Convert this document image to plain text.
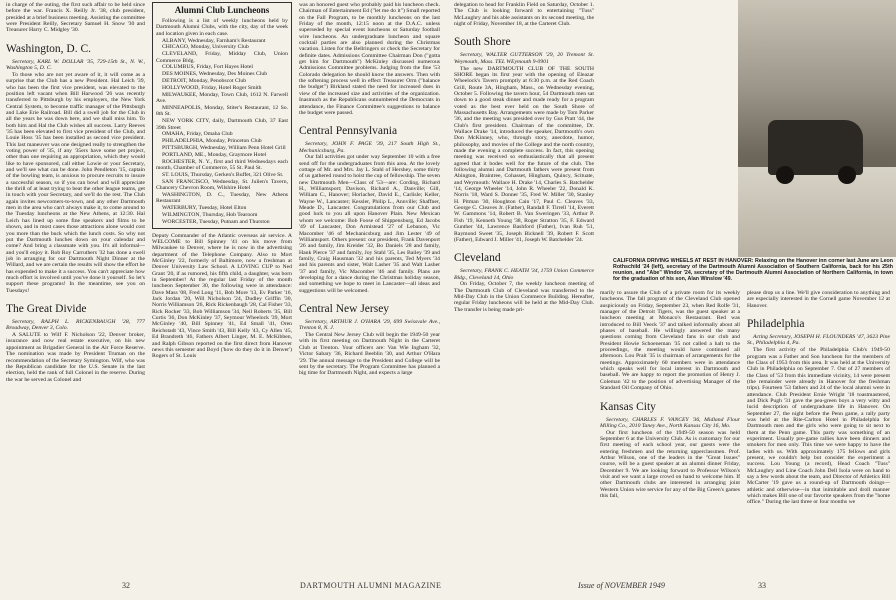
in charge of the outing, the first such affair to be held since before the war. Francis X. Reilly Jr. '38, club president, presided at a brief business meeting. Assisting the committee were President Reilly, Secretary Samuel H. Snow '30 and Treasurer Harry C. Midgley '30.

Washington, D. C.

Secretary, KARL W. DOLLAR '35, 729-15th St., N. W., Washington 5, D. C.

To those who are not yet aware of it, it will come as a surprise that the Club has a new President. Hal Leich '39, who has been the first vice president, was elevated to the position left vacant when Bill Harwood '26 was recently transferred to Pittsburgh by his employers, the New York Central System, to become traffic manager of the Pittsburgh and Lake Erie Railroad. Bill did a swell job for the Club in all the years he was down here, and we shall miss him. To both him and Hal the Club wishes all success. Larry Reeves '35 has been elevated to first vice president of the Club, and Louie Hoss '35 has been installed as second vice president. This last maneuver was one designed really to strengthen the voting power of '35, if any '35ers have some pet project, other than one requiring an appropriation, which they would like to have sponsored, call either Lowie or your Secretary, and we'll see what can be done. John Pendleton '15, captain of the bowling team, is anxious to procure recruits to insure a successful season, so if you can bowl and will appreciate the thrill of at least trying to beat the other league teams, get in touch with your Secretary, and we'll do the rest. The Club again invites newcomers-to-town, and any other Dartmouth men in the area who can't always make it, to come around to the Tuesday luncheons at the New Athens, at 12:30. Hal Leich has lined up some fine speakers and films to be shown, and in most cases those attractions alone would cost you more than the buck which the lunch costs. So why not put the Dartmouth lunches down on your calendar and come? And bring a classmate with you. It's all informal—and you'll enjoy it. Rob Roy Carruthers '32 has done a swell job in arranging for our Dartmouth Night Dinner at the Willard, and we are certain the results will show the effort he has expended to make it a success. You can't appreciate how much effort is involved until you've done it yourself. So let's support these programs! In the meantime, see you on Tuesdays!

The Great Divide

Secretary, RALPH L. RICKENBAUGH '28, 777 Broadway, Denver 3, Colo.

A SALUTE to Wilf F. Nicholson '22, Denver broker, insurance and now real estate executive, on his new appointment as Brigadier General in the Air Force Reserve. The nomination was made by President Truman on the recommendation of the Secretary Symington. Wilf, who was the Republican candidate for the U.S. Senate in the last election, held the rank of full Colonel in the reserve. During the war he served as Colonel and

Alumni Club Luncheons

Following is a list of weekly luncheons held by Dartmouth Alumni Clubs, with the city, day of the week and location given in each case.

ALBANY, Wednesday, Farnham's Restaurant

CHICAGO, Monday, University Club

CLEVELAND, Friday, Midday Club, Union Commerce Bldg.

COLUMBUS, Friday, Fort Hayes Hotel

DES MOINES, Wednesday, Des Moines Club

DETROIT, Monday, Penobscot Club

HOLLYWOOD, Friday, Hotel Roger Smith

MILWAUKEE, Monday, Town Club, 1612 N. Farwell Ave.

MINNEAPOLIS, Monday, Stiter's Restaurant, 12 So. 8th St.

NEW YORK CITY, daily, Dartmouth Club, 37 East 39th Street

OMAHA, Friday, Omaha Club

PHILADELPHIA, Monday, Princeton Club

PITTSBURGH, Wednesday, William Penn Hotel Grill

PORTLAND, ME., Monday, Graymore Hotel

ROCHESTER, N. Y., first and third Wednesdays each month, Chamber of Commerce, 55 St. Paul St.

ST. LOUIS, Thursday, Gerken's Buffet, 321 Olive St.

SAN FRANCISCO, Wednesday, St. Julien's Tavern, Chancery Chevron Room, Wilshire Hotel

WASHINGTON, D. C., Tuesday, New Athens Restaurant

WATERBURY, Tuesday, Hotel Elton

WILMINGTON, Thursday, Hob Tearoom

WORCESTER, Tuesday, Putnam and Thurston

Deputy Commander of the Atlantic overseas air service. A WELCOME to Bill Spinney '41 on his move from Milwaukee to Denver, where he is now in the advertising department of the Telephone Company. Also to Mort McGinley '22, formerly of Baltimore, now a freshman at Denver University Law School. A LOVING CUP to Ned Grant '20, if as rumored, his fifth child, a daughter, was born in September! At the regular last Friday of the month luncheon September 30, the following were in attendance: Dave Mass '08, Fred Long '11, Bob More '13, Ev Parker '16, Jack Jordan '20, Will Nicholson '24, Dudley Griffin '30, Norris Williamson '26, Rick Rickenbaugh '28, Cal Fisher '33, Rick Rocker '33, Bob Williamson '34, Neil Roberts '35, Bill Curtis '36, Don McKinley '37, Seymour Wheelock '39, Mort McGinley '40, Bill Spinney '41, Ed Small '41, Oren Reichstadt '43, Vince Smith '43, Bill Kelly '43, Cy Allen '45, Ed Brandreth '46, Fathers Albert Linger, M. E. McKibben, and Ralph Gibson reported on the first direct from Hanover news this semester and Boyd ('how do they do it in Denver') Rogers of St. Louis

was an honored guest who probably paid his luncheon check. Chairman of Entertainment Ed ("let me do it") Small reported on the Fall Program, to be monthly luncheons on the last Friday of the month, 12:15 noon at the D.A.C. unless superseded by special event luncheons or Saturday football wire luncheons. An undergraduate luncheon and square cocktail parties are also planned during the Christmas vacation. Listen for the Bellringers or check the Secretary for definite dates. Admissions Committee Chairman Don ("gotta get him for Dartmouth") McKinley discussed numerous Admissions Committee problems. Judging from the fine '53 Colorado delegation he should know the answers. Then with the softening process well in effect Treasurer Orm ("balance the budget") Birkland stated the need for increased dues in view of the increased size and activities of the organization. Inasmuch as the Republicans outnumbered the Democrats in attendance, the Finance Committee's suggestions to balance the budget were passed.

Central Pennsylvania

Secretary, JOHN F. PAGE '39, 217 South High St., Mechanicsburg, Pa.

Our fall activities got under way September 10 with a free send off for the undergraduates from this area. At the lovely cottage of Mr. and Mrs. Jay L. Stahl of Hershey, some thirty of us gathered round to hoist the cup of fellowship. The seven new Dartmouth Men—Class of '53—are: Cording, Richard H., Williamsport; Davison, Richard A., Danville; Gill, William C., Hanover; Horlacher, David E., Carlisle; Keller, Wayne W., Lancaster; Kessler, Philip L., Annville; Shaffner, Meade D., Lancaster. Congratulations from our Club and good luck to you all upon Hanover Plain. New Mexican whom we welcome: Bob Foose of Shippensburg, Ed Jacobs '49 of Lancaster, Don Armistead '27 of Lebanon, Vic Macomber '46 of Mechanicsburg and Jim Lester '49 of Williamsport. Others present: our president, Frank Davenport '26 and family, Jim Kreider '32, Bo Daniels '28 and family, Hank Pierce '37 and family, Joy Stahl '35, Les Bailey '39 and family, Craig Hausman '32 and his parents, Ted Myers '34 and his parents and sister, Walt Lasher '35 and Walt Lasher '37 and family, Vic Macomber '46 and family. Plans are developing for a dance during the Christmas holiday season, and something we hope to meet in Lancaster—all ideas and suggestions will be welcomed.

Central New Jersey

Secretary, ARTHUR J. O'HARA '29, 699 Swissvale Ave., Trenton 8, N. J.

The Central New Jersey Club will begin the 1949-50 year with its first meeting on Dartmouth Night in the Carteret Club at Trenton. Your officers are: Van Wie Ingham '32, Victor Sabary '36, Richard Beeblin '30, and Arthur O'Hara '29. The annual message to the President and College will be sent by the secretary. The Program Committee has planned a big time for Dartmouth Night, and expects a large

32	DARTMOUTH ALUMNI MAGAZINE

delegation to head for Franklin Field on Saturday, October 1. The Club is looking forward to entertaining "Tuss" McLaughry and his able assistants on its second meeting, the night of Friday, November 18, at the Carteret Club.

South Shore

Secretary, WALTER GUTTERSON '29, 20 Tremont St. Weymouth, Mass. TEL WEymouth 9-0901

The new DARTMOUTH CLUB OF THE SOUTH SHORE began its first year with the opening of Eleazar Wheelock's Tavern promptly at 6:30 p.m. at the Red Coach Grill, Route 3A, Hingham, Mass., on Wednesday evening, October 5. Following the tavern hour, 54 Dartmouth men sat down to a good steak dinner and made ready for a program voted as the best ever held on the South Shore of Massachusetts Bay. Arrangements were made by Tom Parker '36, and the meeting was presided over by Gus Pratt '44, the Club's first president. Chairman of the committee, Dr. Wallace Drake '14, introduced the speaker, Dartmouth's own Don McKinney, who, through story, anecdote, humor, philosophy, and movies of the College and the north country, made the evening a complete success. In fact, this opening meeting was received so enthusiastically that all present agreed that it bodes well for the future of the club. The following alumni and Dartmouth fathers were present from Abington, Braintree, Cohasset, Hingham, Quincy, Scituate, and Weymouth: Wallace H. Drake '14, Charles S. Batchelder '14, George Wheeler '14, John R. Wheeler '22, Donald K. Norris '18, Ward S. Donner '35, Fred W. Miller '30, Stanley H. Pitman '30, Houghton Cain '17, Paul C. Cleaves '33, George C. Cleaves Jr. (Father), Randall F. Tirrell '14, Everett W. Gammons '14, Robert B. Van Sweringen '33, Arthur P. Fish '19, Kenneth Young '38, Roger Stratton '35, F. Edward Gunther '44, Lawrence Bashford (Father), Ivan Ruh '51, Raymond Sweet '35, Joseph Bicknell '39, Robert F. Scott (Father), Edward J. Miller '41, Joseph W. Batchelder '24.

Cleveland

Secretary, FRANK C. HEATH '34, 1759 Union Commerce Bldg., Cleveland 14, Ohio

On Friday, October 7, the weekly luncheon meeting of The Dartmouth Club of Cleveland was transferred to the Mid-Day Club in the Union Commerce Building. Hereafter, regular Friday luncheons will be held at the Mid-Day Club. The transfer is being made pri-

marily to assure the Club of a private room for its weekly luncheons. The fall program of the Cleveland Club opened auspiciously on Friday, September 23, when Red Rolfe '31, manager of the Detroit Tigers, was the guest speaker at a luncheon meeting at Monaco's Restaurant. Red was introduced to Bill Veeck '37 and talked informally about all phases of baseball. He willingly answered the many questions coming from Cleveland fans in our club and President Howie Schoeneman '35 not called a halt to the proceedings, the meeting would have continued all afternoon. Lou Prait '35 is chairman of arrangements for the meetings. Approximately 60 members were in attendance which speaks well for local interest in Dartmouth and baseball. We are happy to report the promotion of Henry J. Coleman '42 to the position of advertising Manager of the Standard Oil Company of Ohio.

Kansas City

Secretary, CHARLES F. VANCEY '36, Midland Flour Milling Co., 2010 Taney Ave., North Kansas City 16, Mo.

Our first luncheon of the 1949-50 season was held September 6 at the University Club. As is customary for our first meeting of each school year, our guests were the entering freshmen and the returning upperclassmen. Prof. Arthur Wilson, one of the leaders in the "Great Issues" course, will be a guest speaker at an alumni dinner Friday, December 9. We are looking forward to Professor Wilson's visit and we want a large crowd on hand to welcome him. If other Dartmouth clubs are interested in arranging joint Western Union wire service for any of the Big Green's games this fall,

please drop us a line. We'll give consideration to anything and are especially interested in the Cornell game November 12 at Hanover.

Philadelphia

Acting Secretary, JOSEPH H. FLOUNDERS '47, 3623 Pine St., Philadelphia 4, Pa.

The first activity of the Philadelphia Club's 1949-50 program was a Father and Son luncheon for the members of the Class of 1953 from this area. It was held at the University Club in Philadelphia on September 7. Out of 27 members of the Class of '53 from this immediate vicinity, 14 were present (the remainder were already in Hanover for the freshman trips). Fourteen '53 fathers and 24 of the local alumni were in attendance. Club President Ernie Wright '18 toastmastered, and Dick Pugh '31 gave the pea-green boys a very witty and lucid description of undergraduate life in Hanover. On September 27, the night before the Penn game, a rally party was held at the Rite-Carlton Hotel in Philadelphia for Dartmouth men and the girls who were going to sit next to them at the Penn game. This party was something of an experiment. Usually pre-game rallies have been dinners and smokers for men only. This time we were happy to have the ladies with us. With approximately 175 fellows and girls present, we couldn't help but consider the experiment a success. Lou Young (a record), Head Coach "Tuss" McLaughry and Line Coach John Dell Isola were on hand to say a few words about the team, and Director of Athletics Bill McCarter '19 gave us a round-up of Dartmouth doings—athletic and otherwise—in that inimitable and droll manner which makes Bill one of our favorite speakers from the "home office." During the last three or four months we

CALIFORNIA DRIVING WHEELS AT REST IN HANOVER: Relaxing on the Hanover inn corner last June are Leon Rothschild '24 (left), secretary of the Dartmouth Alumni Association of Southern California, back for his 25th reunion, and "Abe" Windor '24, secretary of the Dartmouth Alumni Association of Northern California, in town for the graduation of his son, Alan Winslow '49.
Issue of NOVEMBER 1949	33
